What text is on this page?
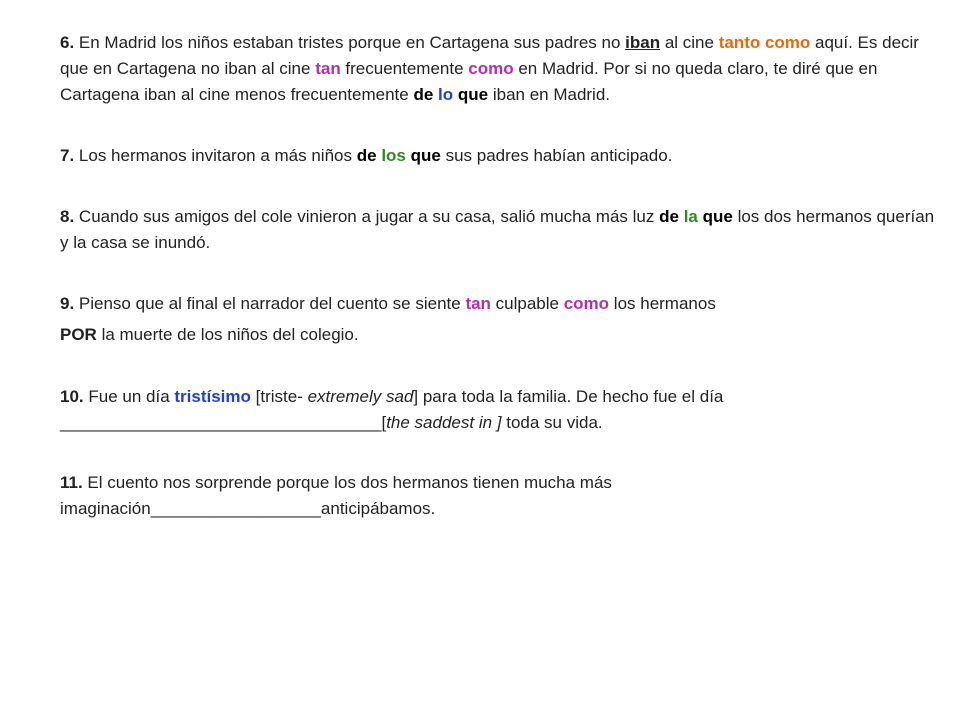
6. En Madrid los niños estaban tristes porque en Cartagena sus padres no iban al cine tanto como aquí. Es decir que en Cartagena no iban al cine tan frecuentemente como en Madrid. Por si no queda claro, te diré que en Cartagena iban al cine menos frecuentemente de lo que iban en Madrid.

7. Los hermanos invitaron a más niños de los que sus padres habían anticipado.

8. Cuando sus amigos del cole vinieron a jugar a su casa, salió mucha más luz de la que los dos hermanos querían y la casa se inundó.

9. Pienso que al final el narrador del cuento se siente tan culpable como los hermanos

POR la muerte de los niños del colegio.

10. Fue un día tristísimo [triste- extremely sad] para toda la familia. De hecho fue el día __________________________________[the saddest in ] toda su vida.

11. El cuento nos sorprende porque los dos hermanos tienen mucha más imaginación__________________anticipábamos.
